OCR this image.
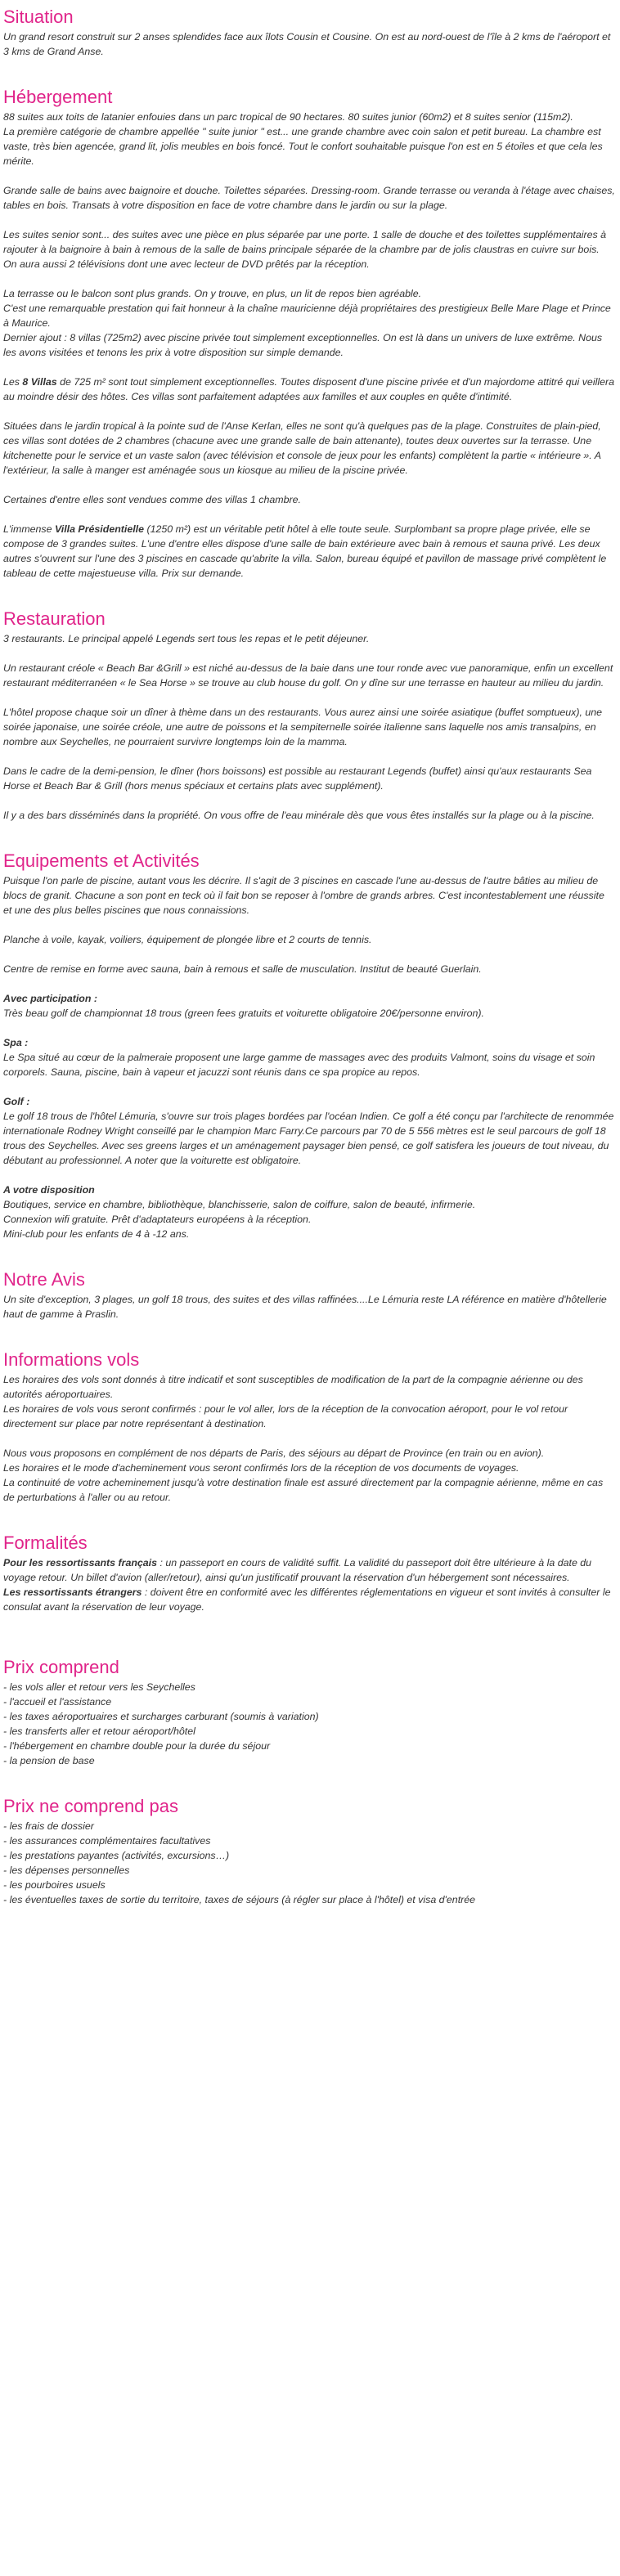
Situation

Un grand resort construit sur 2 anses splendides face aux îlots Cousin et Cousine. On est au nord-ouest de l'île à 2 kms de l'aéroport et 3 kms de Grand Anse.

Hébergement

88 suites aux toits de latanier enfouies dans un parc tropical de 90 hectares. 80 suites junior (60m2) et 8 suites senior (115m2).

La première catégorie de chambre appellée " suite junior " est... une grande chambre avec coin salon et petit bureau. La chambre est vaste, très bien agencée, grand lit, jolis meubles en bois foncé. Tout le confort souhaitable puisque l'on est en 5 étoiles et que cela les mérite.

Grande salle de bains avec baignoire et douche. Toilettes séparées. Dressing-room. Grande terrasse ou veranda à l'étage avec chaises, tables en bois. Transats à votre disposition en face de votre chambre dans le jardin ou sur la plage.

Les suites senior sont... des suites avec une pièce en plus séparée par une porte. 1 salle de douche et des toilettes supplémentaires à rajouter à la baignoire à bain à remous de la salle de bains principale séparée de la chambre par de jolis claustras en cuivre sur bois. On aura aussi 2 télévisions dont une avec lecteur de DVD prêtés par la réception.

La terrasse ou le balcon sont plus grands. On y trouve, en plus, un lit de repos bien agréable.

C'est une remarquable prestation qui fait honneur à la chaîne mauricienne déjà propriétaires des prestigieux Belle Mare Plage et Prince à Maurice.

Dernier ajout : 8 villas (725m2) avec piscine privée tout simplement exceptionnelles. On est là dans un univers de luxe extrême. Nous les avons visitées et tenons les prix à votre disposition sur simple demande.

Les 8 Villas de 725 m² sont tout simplement exceptionnelles. Toutes disposent d'une piscine privée et d'un majordome attitré qui veillera au moindre désir des hôtes. Ces villas sont parfaitement adaptées aux familles et aux couples en quête d'intimité.

Situées dans le jardin tropical à la pointe sud de l'Anse Kerlan, elles ne sont qu'à quelques pas de la plage. Construites de plain-pied, ces villas sont dotées de 2 chambres (chacune avec une grande salle de bain attenante), toutes deux ouvertes sur la terrasse. Une kitchenette pour le service et un vaste salon (avec télévision et console de jeux pour les enfants) complètent la partie « intérieure ». A l'extérieur, la salle à manger est aménagée sous un kiosque au milieu de la piscine privée.

Certaines d'entre elles sont vendues comme des villas 1 chambre.

L'immense Villa Présidentielle (1250 m²) est un véritable petit hôtel à elle toute seule. Surplombant sa propre plage privée, elle se compose de 3 grandes suites. L'une d'entre elles dispose d'une salle de bain extérieure avec bain à remous et sauna privé. Les deux autres s'ouvrent sur l'une des 3 piscines en cascade qu'abrite la villa. Salon, bureau équipé et pavillon de massage privé complètent le tableau de cette majestueuse villa. Prix sur demande.

Restauration

3 restaurants. Le principal appelé Legends sert tous les repas et le petit déjeuner.

Un restaurant créole « Beach Bar &Grill » est niché au-dessus de la baie dans une tour ronde avec vue panoramique, enfin un excellent restaurant méditerranéen « le Sea Horse » se trouve au club house du golf. On y dîne sur une terrasse en hauteur au milieu du jardin.

L'hôtel propose chaque soir un dîner à thème dans un des restaurants. Vous aurez ainsi une soirée asiatique (buffet somptueux), une soirée japonaise, une soirée créole, une autre de poissons et la sempiternelle soirée italienne sans laquelle nos amis transalpins, en nombre aux Seychelles, ne pourraient survivre longtemps loin de la mamma.

Dans le cadre de la demi-pension, le dîner (hors boissons) est possible au restaurant Legends (buffet) ainsi qu'aux restaurants Sea Horse et Beach Bar & Grill (hors menus spéciaux et certains plats avec supplément).

Il y a des bars disséminés dans la propriété. On vous offre de l'eau minérale dès que vous êtes installés sur la plage ou à la piscine.

Equipements et Activités

Puisque l'on parle de piscine, autant vous les décrire. Il s'agit de 3 piscines en cascade l'une au-dessus de l'autre bâties au milieu de blocs de granit. Chacune a son pont en teck où il fait bon se reposer à l'ombre de grands arbres. C'est incontestablement une réussite et une des plus belles piscines que nous connaissions.

Planche à voile, kayak, voiliers, équipement de plongée libre et 2 courts de tennis.

Centre de remise en forme avec sauna, bain à remous et salle de musculation. Institut de beauté Guerlain.

Avec participation :

Très beau golf de championnat 18 trous (green fees gratuits et voiturette obligatoire 20€/personne environ).

Spa :

Le Spa situé au cœur de la palmeraie proposent une large gamme de massages avec des produits Valmont, soins du visage et soin corporels. Sauna, piscine, bain à vapeur et jacuzzi sont réunis dans ce spa propice au repos.

Golf :

Le golf 18 trous de l'hôtel Lémuria, s'ouvre sur trois plages bordées par l'océan Indien. Ce golf a été conçu par l'architecte de renommée internationale Rodney Wright conseillé par le champion Marc Farry.Ce parcours par 70 de 5 556 mètres est le seul parcours de golf 18 trous des Seychelles. Avec ses greens larges et un aménagement paysager bien pensé, ce golf satisfera les joueurs de tout niveau, du débutant au professionnel. A noter que la voiturette est obligatoire.

A votre disposition

Boutiques, service en chambre, bibliothèque, blanchisserie, salon de coiffure, salon de beauté, infirmerie.

Connexion wifi gratuite. Prêt d'adaptateurs européens à la réception.

Mini-club pour les enfants de 4 à -12 ans.

Notre Avis

Un site d'exception, 3 plages, un golf 18 trous, des suites et des villas raffinées....Le Lémuria reste LA référence en matière d'hôtellerie haut de gamme à Praslin.

Informations vols

Les horaires des vols sont donnés à titre indicatif et sont susceptibles de modification de la part de la compagnie aérienne ou des autorités aéroportuaires.

Les horaires de vols vous seront confirmés : pour le vol aller, lors de la réception de la convocation aéroport, pour le vol retour directement sur place par notre représentant à destination.

Nous vous proposons en complément de nos départs de Paris, des séjours au départ de Province (en train ou en avion).

Les horaires et le mode d'acheminement vous seront confirmés lors de la réception de vos documents de voyages.

La continuité de votre acheminement jusqu'à votre destination finale est assuré directement par la compagnie aérienne, même en cas de perturbations à l'aller ou au retour.

Formalités

Pour les ressortissants français : un passeport en cours de validité suffit. La validité du passeport doit être ultérieure à la date du voyage retour. Un billet d'avion (aller/retour), ainsi qu'un justificatif prouvant la réservation d'un hébergement sont nécessaires.

Les ressortissants étrangers : doivent être en conformité avec les différentes réglementations en vigueur et sont invités à consulter le consulat avant la réservation de leur voyage.

Prix comprend
- les vols aller et retour vers les Seychelles
- l'accueil et l'assistance
- les taxes aéroportuaires et surcharges carburant (soumis à variation)
- les transferts aller et retour aéroport/hôtel
- l'hébergement en chambre double pour la durée du séjour
- la pension de base
Prix ne comprend pas
- les frais de dossier
- les assurances complémentaires facultatives
- les prestations payantes (activités, excursions…)
- les dépenses personnelles
- les pourboires usuels
- les éventuelles taxes de sortie du territoire, taxes de séjours (à régler sur place à l'hôtel) et visa d'entrée
